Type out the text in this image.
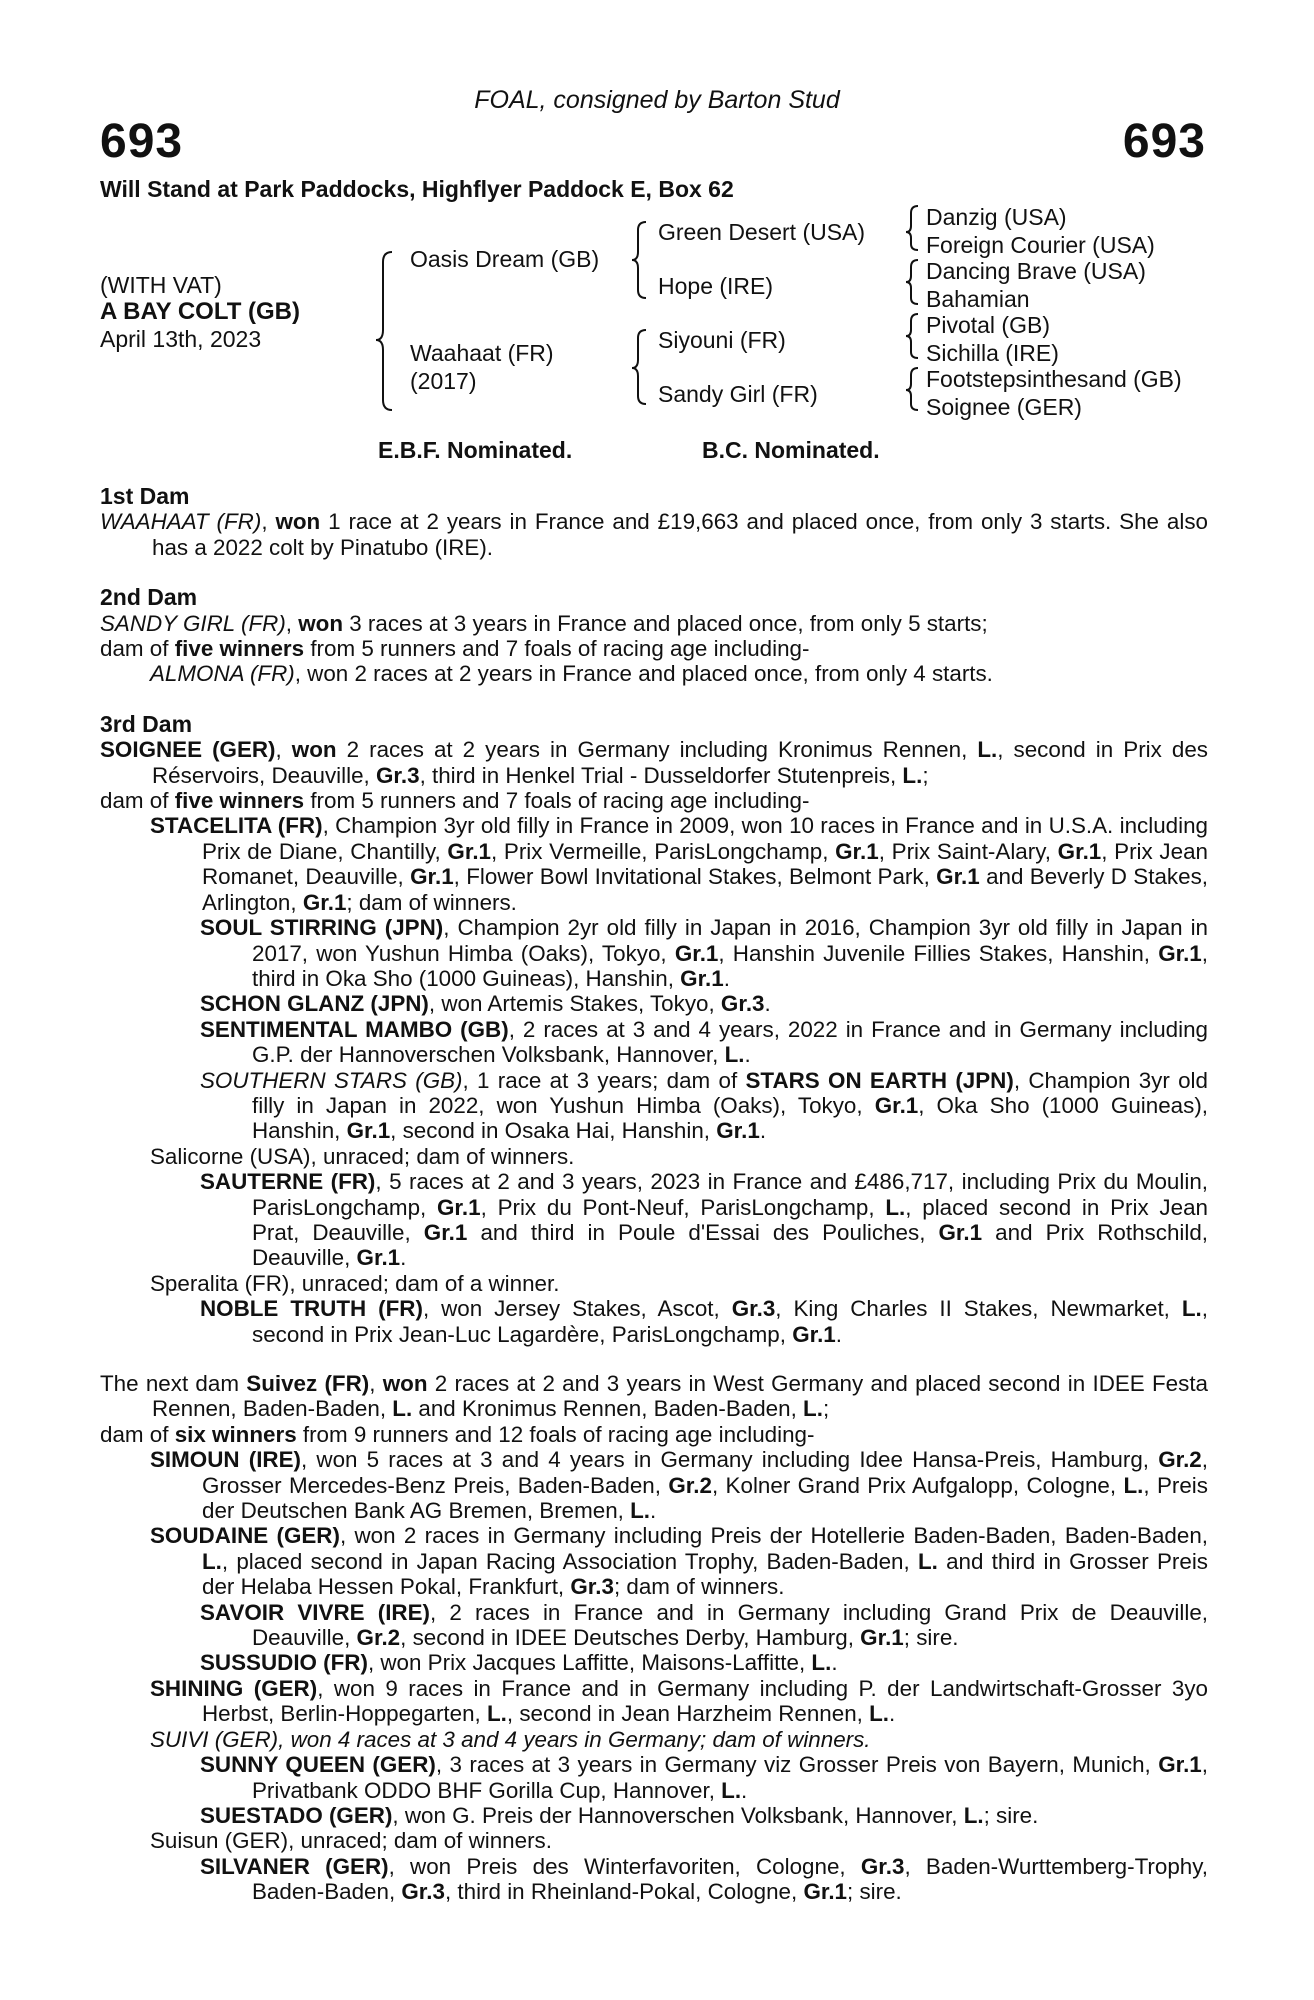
FOAL, consigned by Barton Stud
693	693
Will Stand at Park Paddocks, Highflyer Paddock E, Box 62
(WITH VAT)
A BAY COLT (GB)
April 13th, 2023
Oasis Dream (GB)
Waahaat (FR)
(2017)
Green Desert (USA)
Hope (IRE)
Siyouni (FR)
Sandy Girl (FR)
Danzig (USA)
Foreign Courier (USA)
Dancing Brave (USA)
Bahamian
Pivotal (GB)
Sichilla (IRE)
Footstepsinthesand (GB)
Soignee (GER)
E.B.F. Nominated.	B.C. Nominated.

1st Dam

WAAHAAT (FR), won 1 race at 2 years in France and £19,663 and placed once, from only 3 starts. She also has a 2022 colt by Pinatubo (IRE).

2nd Dam

SANDY GIRL (FR), won 3 races at 3 years in France and placed once, from only 5 starts;

dam of five winners from 5 runners and 7 foals of racing age including-

ALMONA (FR), won 2 races at 2 years in France and placed once, from only 4 starts.

3rd Dam

SOIGNEE (GER), won 2 races at 2 years in Germany including Kronimus Rennen, L., second in Prix des Réservoirs, Deauville, Gr.3, third in Henkel Trial - Dusseldorfer Stutenpreis, L.;

dam of five winners from 5 runners and 7 foals of racing age including-

STACELITA (FR), Champion 3yr old filly in France in 2009, won 10 races in France and in U.S.A. including Prix de Diane, Chantilly, Gr.1, Prix Vermeille, ParisLongchamp, Gr.1, Prix Saint-Alary, Gr.1, Prix Jean Romanet, Deauville, Gr.1, Flower Bowl Invitational Stakes, Belmont Park, Gr.1 and Beverly D Stakes, Arlington, Gr.1; dam of winners.

SOUL STIRRING (JPN), Champion 2yr old filly in Japan in 2016, Champion 3yr old filly in Japan in 2017, won Yushun Himba (Oaks), Tokyo, Gr.1, Hanshin Juvenile Fillies Stakes, Hanshin, Gr.1, third in Oka Sho (1000 Guineas), Hanshin, Gr.1.

SCHON GLANZ (JPN), won Artemis Stakes, Tokyo, Gr.3.

SENTIMENTAL MAMBO (GB), 2 races at 3 and 4 years, 2022 in France and in Germany including G.P. der Hannoverschen Volksbank, Hannover, L..

SOUTHERN STARS (GB), 1 race at 3 years; dam of STARS ON EARTH (JPN), Champion 3yr old filly in Japan in 2022, won Yushun Himba (Oaks), Tokyo, Gr.1, Oka Sho (1000 Guineas), Hanshin, Gr.1, second in Osaka Hai, Hanshin, Gr.1.

Salicorne (USA), unraced; dam of winners.

SAUTERNE (FR), 5 races at 2 and 3 years, 2023 in France and £486,717, including Prix du Moulin, ParisLongchamp, Gr.1, Prix du Pont-Neuf, ParisLongchamp, L., placed second in Prix Jean Prat, Deauville, Gr.1 and third in Poule d'Essai des Pouliches, Gr.1 and Prix Rothschild, Deauville, Gr.1.

Speralita (FR), unraced; dam of a winner.

NOBLE TRUTH (FR), won Jersey Stakes, Ascot, Gr.3, King Charles II Stakes, Newmarket, L., second in Prix Jean-Luc Lagardère, ParisLongchamp, Gr.1.

The next dam Suivez (FR), won 2 races at 2 and 3 years in West Germany and placed second in IDEE Festa Rennen, Baden-Baden, L. and Kronimus Rennen, Baden-Baden, L.;

dam of six winners from 9 runners and 12 foals of racing age including-

SIMOUN (IRE), won 5 races at 3 and 4 years in Germany including Idee Hansa-Preis, Hamburg, Gr.2, Grosser Mercedes-Benz Preis, Baden-Baden, Gr.2, Kolner Grand Prix Aufgalopp, Cologne, L., Preis der Deutschen Bank AG Bremen, Bremen, L..

SOUDAINE (GER), won 2 races in Germany including Preis der Hotellerie Baden-Baden, Baden-Baden, L., placed second in Japan Racing Association Trophy, Baden-Baden, L. and third in Grosser Preis der Helaba Hessen Pokal, Frankfurt, Gr.3; dam of winners.

SAVOIR VIVRE (IRE), 2 races in France and in Germany including Grand Prix de Deauville, Deauville, Gr.2, second in IDEE Deutsches Derby, Hamburg, Gr.1; sire.

SUSSUDIO (FR), won Prix Jacques Laffitte, Maisons-Laffitte, L..

SHINING (GER), won 9 races in France and in Germany including P. der Landwirtschaft-Grosser 3yo Herbst, Berlin-Hoppegarten, L., second in Jean Harzheim Rennen, L..

SUIVI (GER), won 4 races at 3 and 4 years in Germany; dam of winners.

SUNNY QUEEN (GER), 3 races at 3 years in Germany viz Grosser Preis von Bayern, Munich, Gr.1, Privatbank ODDO BHF Gorilla Cup, Hannover, L..

SUESTADO (GER), won G. Preis der Hannoverschen Volksbank, Hannover, L.; sire.

Suisun (GER), unraced; dam of winners.

SILVANER (GER), won Preis des Winterfavoriten, Cologne, Gr.3, Baden-Wurttemberg-Trophy, Baden-Baden, Gr.3, third in Rheinland-Pokal, Cologne, Gr.1; sire.
